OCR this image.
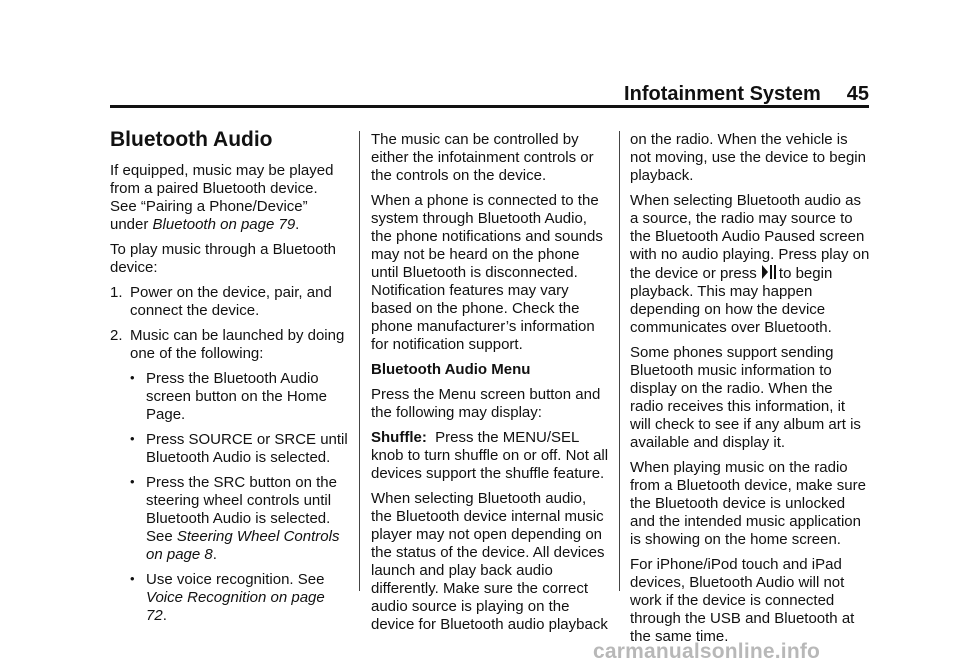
Infotainment System 45
Bluetooth Audio

If equipped, music may be played from a paired Bluetooth device. See “Pairing a Phone/Device” under Bluetooth on page 79.

To play music through a Bluetooth device:

1. Power on the device, pair, and connect the device.
2. Music can be launched by doing one of the following:
• Press the Bluetooth Audio screen button on the Home Page.
• Press SOURCE or SRCE until Bluetooth Audio is selected.
• Press the SRC button on the steering wheel controls until Bluetooth Audio is selected. See Steering Wheel Controls on page 8.
• Use voice recognition. See Voice Recognition on page 72.

The music can be controlled by either the infotainment controls or the controls on the device.

When a phone is connected to the system through Bluetooth Audio, the phone notifications and sounds may not be heard on the phone until Bluetooth is disconnected. Notification features may vary based on the phone. Check the phone manufacturer’s information for notification support.

Bluetooth Audio Menu

Press the Menu screen button and the following may display:

Shuffle: Press the MENU/SEL knob to turn shuffle on or off. Not all devices support the shuffle feature.

When selecting Bluetooth audio, the Bluetooth device internal music player may not open depending on the status of the device. All devices launch and play back audio differently. Make sure the correct audio source is playing on the device for Bluetooth audio playback

on the radio. When the vehicle is not moving, use the device to begin playback.

When selecting Bluetooth audio as a source, the radio may source to the Bluetooth Audio Paused screen with no audio playing. Press play on the device or press to begin playback. This may happen depending on how the device communicates over Bluetooth.

Some phones support sending Bluetooth music information to display on the radio. When the radio receives this information, it will check to see if any album art is available and display it.

When playing music on the radio from a Bluetooth device, make sure the Bluetooth device is unlocked and the intended music application is showing on the home screen.

For iPhone/iPod touch and iPad devices, Bluetooth Audio will not work if the device is connected through the USB and Bluetooth at the same time.

carmanualsonline.info
